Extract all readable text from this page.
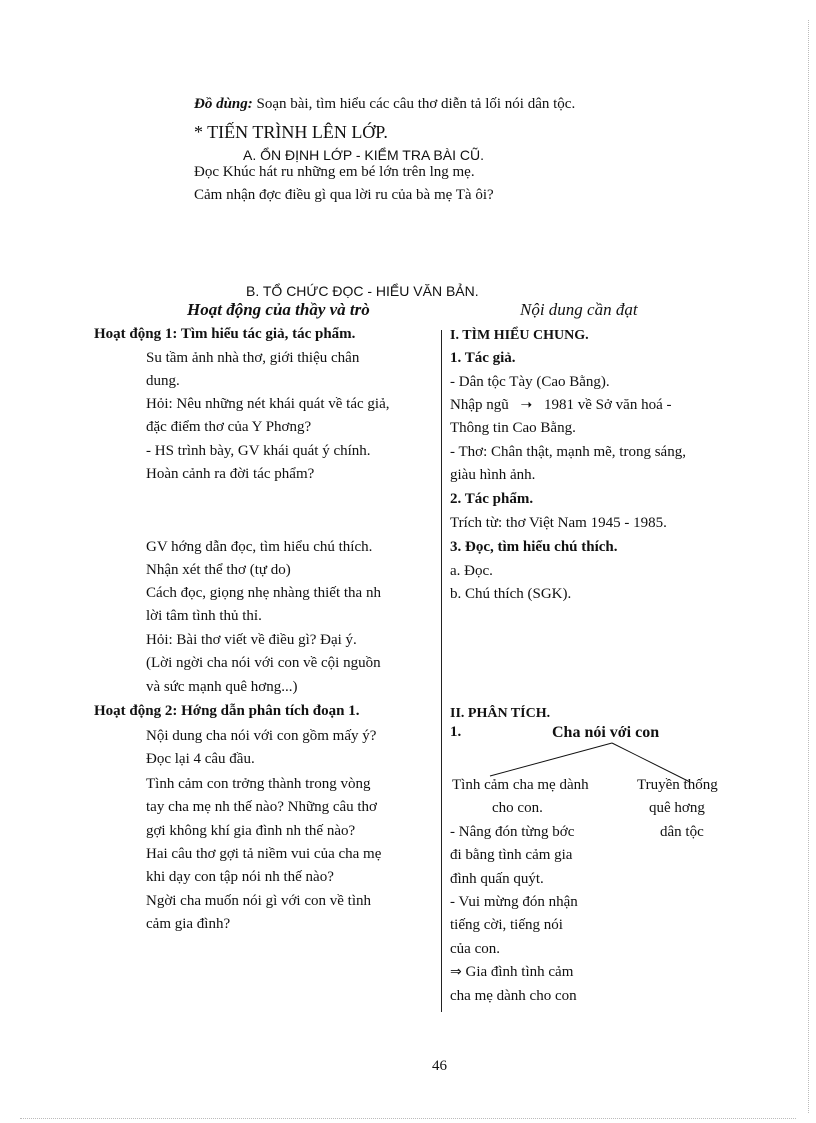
Đồ dùng: Soạn bài, tìm hiểu các câu thơ diễn tả lối nói dân tộc.
* TIẾN TRÌNH LÊN LỚP.
A. ỔN ĐỊNH LỚP - KIỂM TRA BÀI CŨ.
Đọc Khúc hát ru những em bé lớn trên lng mẹ.
Cảm nhận đợc điều gì qua lời ru của bà mẹ Tà ôi?
B. TỔ CHỨC ĐỌC - HIỂU VĂN BẢN.
Hoạt động của thầy và trò	Nội dung cần đạt
Hoạt động 1: Tìm hiểu tác giả, tác phẩm.
Su tầm ảnh nhà thơ, giới thiệu chân
dung.
Hỏi: Nêu những nét khái quát về tác giả,
đặc điểm thơ của Y Phơng?
- HS trình bày, GV khái quát ý chính.
Hoàn cảnh ra đời tác phẩm?
GV hớng dẫn đọc, tìm hiểu chú thích.
Nhận xét thể thơ (tự do)
Cách đọc, giọng nhẹ nhàng thiết tha nh
lời tâm tình thủ thỉ.
Hỏi: Bài thơ viết về điều gì? Đại ý.
(Lời ngời cha nói với con về cội nguồn
và sức mạnh quê hơng...)
Hoạt động 2: Hớng dẫn phân tích đoạn 1.
Nội dung cha nói với con gồm mấy ý?
Đọc lại 4 câu đầu.
Tình cảm con trởng thành trong vòng
tay cha mẹ nh thế nào? Những câu thơ
gợi không khí gia đình nh thế nào?
Hai câu thơ gợi tả niềm vui của cha mẹ
khi dạy con tập nói nh thế nào?
Ngời cha muốn nói gì với con về tình
cảm gia đình?
I. TÌM HIỂU CHUNG.
1. Tác giả.
- Dân tộc Tày (Cao Bằng).
Nhập ngũ ➝ 1981 về Sở văn hoá -
Thông tin Cao Bằng.
- Thơ: Chân thật, mạnh mẽ, trong sáng,
giàu hình ảnh.
2. Tác phẩm.
Trích từ: thơ Việt Nam 1945 - 1985.
3. Đọc, tìm hiểu chú thích.
a. Đọc.
b. Chú thích (SGK).
II. PHÂN TÍCH.
1.	Cha nói với con
Tình cảm cha mẹ dành
cho con.
Truyền thống
quê hơng
dân tộc
- Nâng đón từng bớc
đi bằng tình cảm gia
đình quấn quýt.
- Vui mừng đón nhận
tiếng cời, tiếng nói
của con.
⇒ Gia đình tình cảm
cha mẹ dành cho con
46
